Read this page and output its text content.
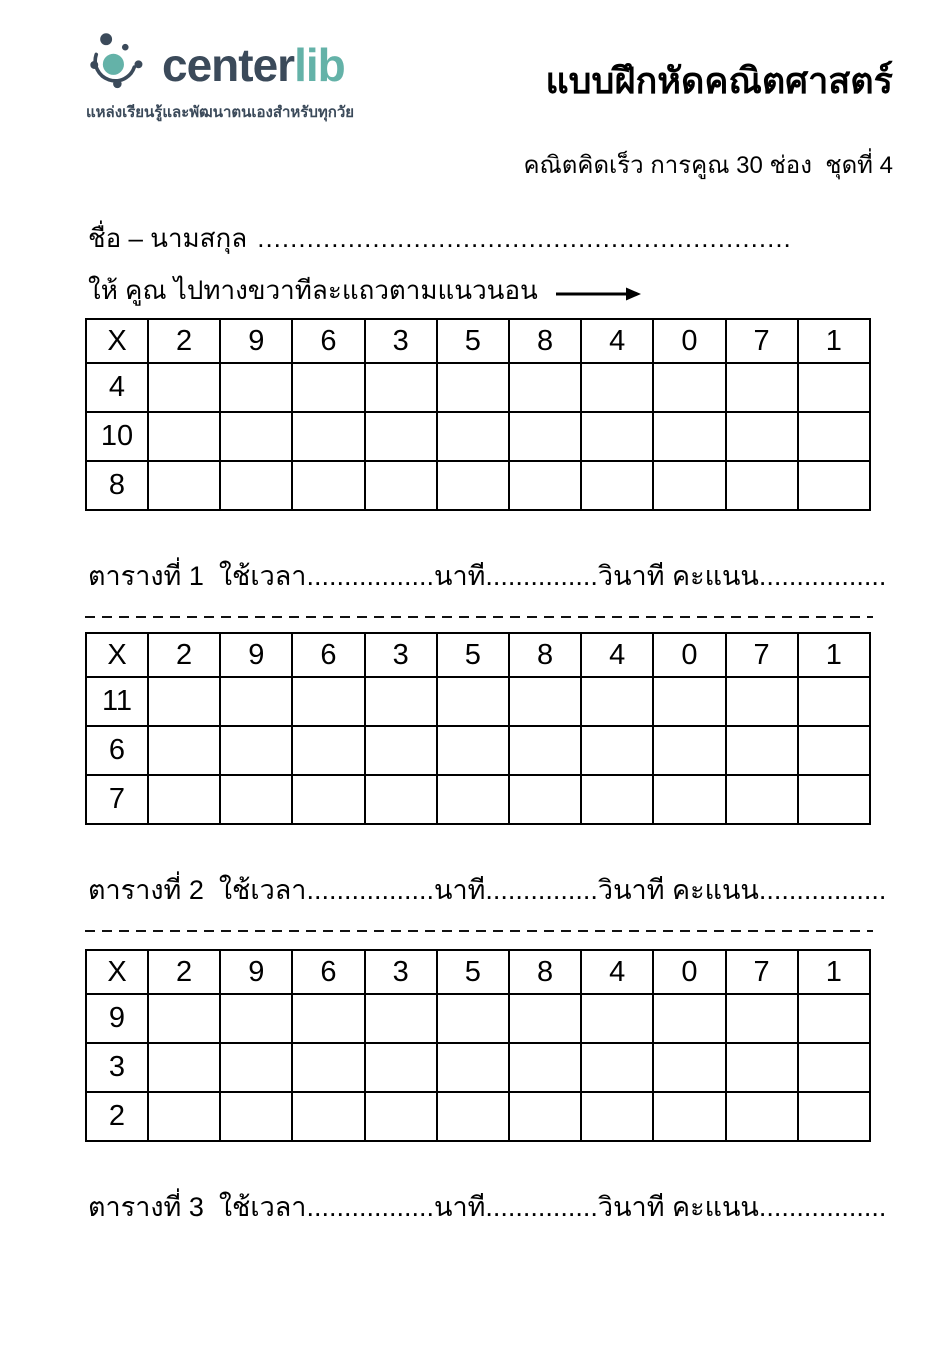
centerlib
แหล่งเรียนรู้และพัฒนาตนเองสำหรับทุกวัย
แบบฝึกหัดคณิตศาสตร์
คณิตคิดเร็ว การคูณ 30 ช่อง  ชุดที่ 4
ชื่อ – นามสกุล .................................................................
ให้ คูณ ไปทางขวาทีละแถวตามแนวนอน
X	2	9	6	3	5	8	4	0	7	1
4										
10										
8										
ตารางที่ 1  ใช้เวลา.................นาที...............วินาที คะแนน.................
X	2	9	6	3	5	8	4	0	7	1
11										
6										
7										
ตารางที่ 2  ใช้เวลา.................นาที...............วินาที คะแนน.................
X	2	9	6	3	5	8	4	0	7	1
9										
3										
2										
ตารางที่ 3  ใช้เวลา.................นาที...............วินาที คะแนน.................
